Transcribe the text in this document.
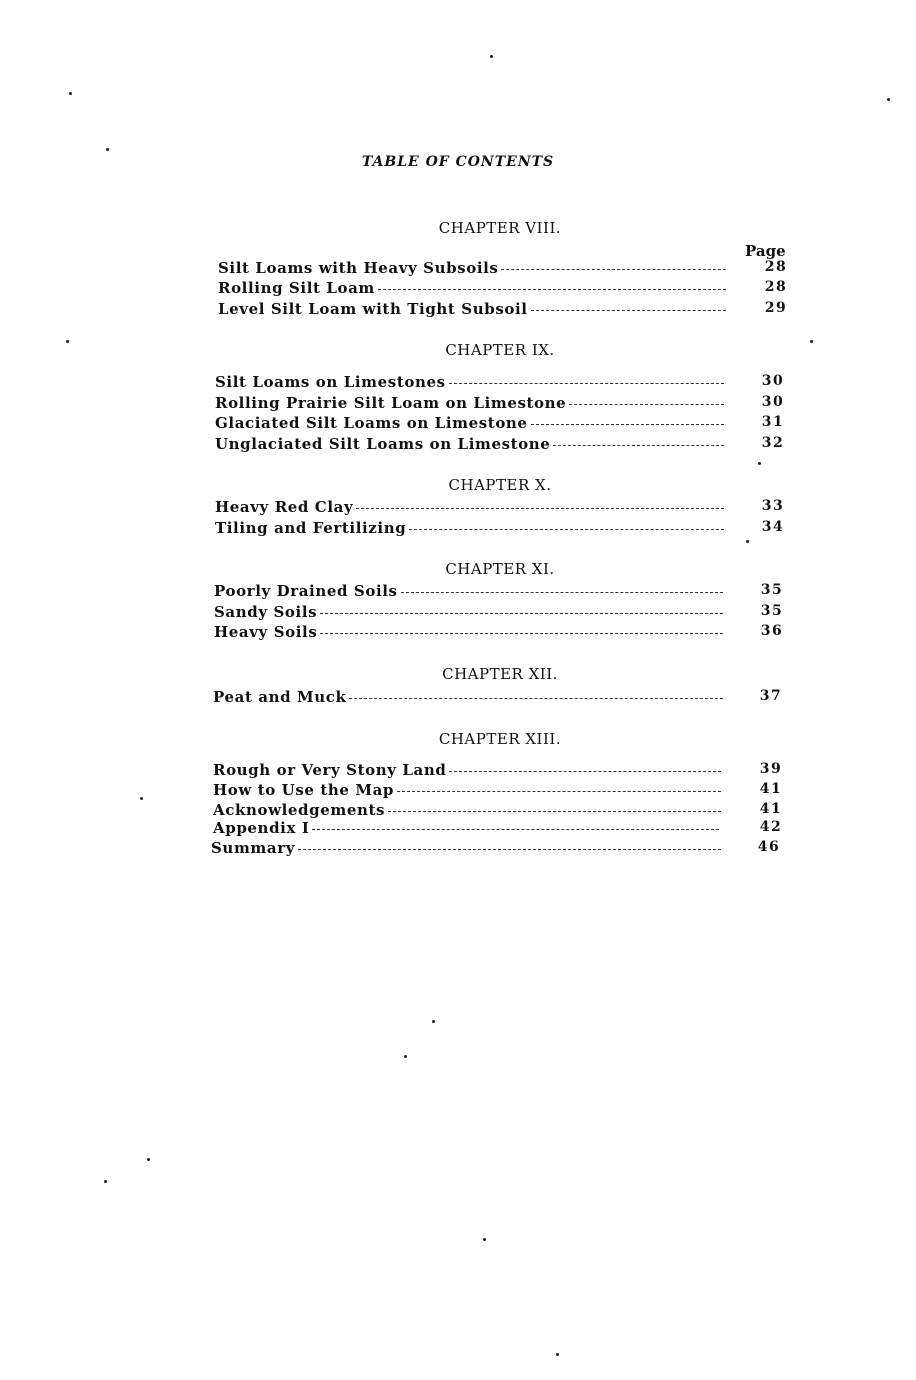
TABLE OF CONTENTS
Page
CHAPTER VIII.
Silt Loams with Heavy Subsoils	28
Rolling Silt Loam	28
Level Silt Loam with Tight Subsoil	29
CHAPTER IX.
Silt Loams on Limestones	30
Rolling Prairie Silt Loam on Limestone	30
Glaciated Silt Loams on Limestone	31
Unglaciated Silt Loams on Limestone	32
CHAPTER X.
Heavy Red Clay	33
Tiling and Fertilizing	34
CHAPTER XI.
Poorly Drained Soils	35
Sandy Soils	35
Heavy Soils	36
CHAPTER XII.
Peat and Muck	37
CHAPTER XIII.
Rough or Very Stony Land	39
How to Use the Map	41
Acknowledgements	41
Appendix I	42
Summary	46
